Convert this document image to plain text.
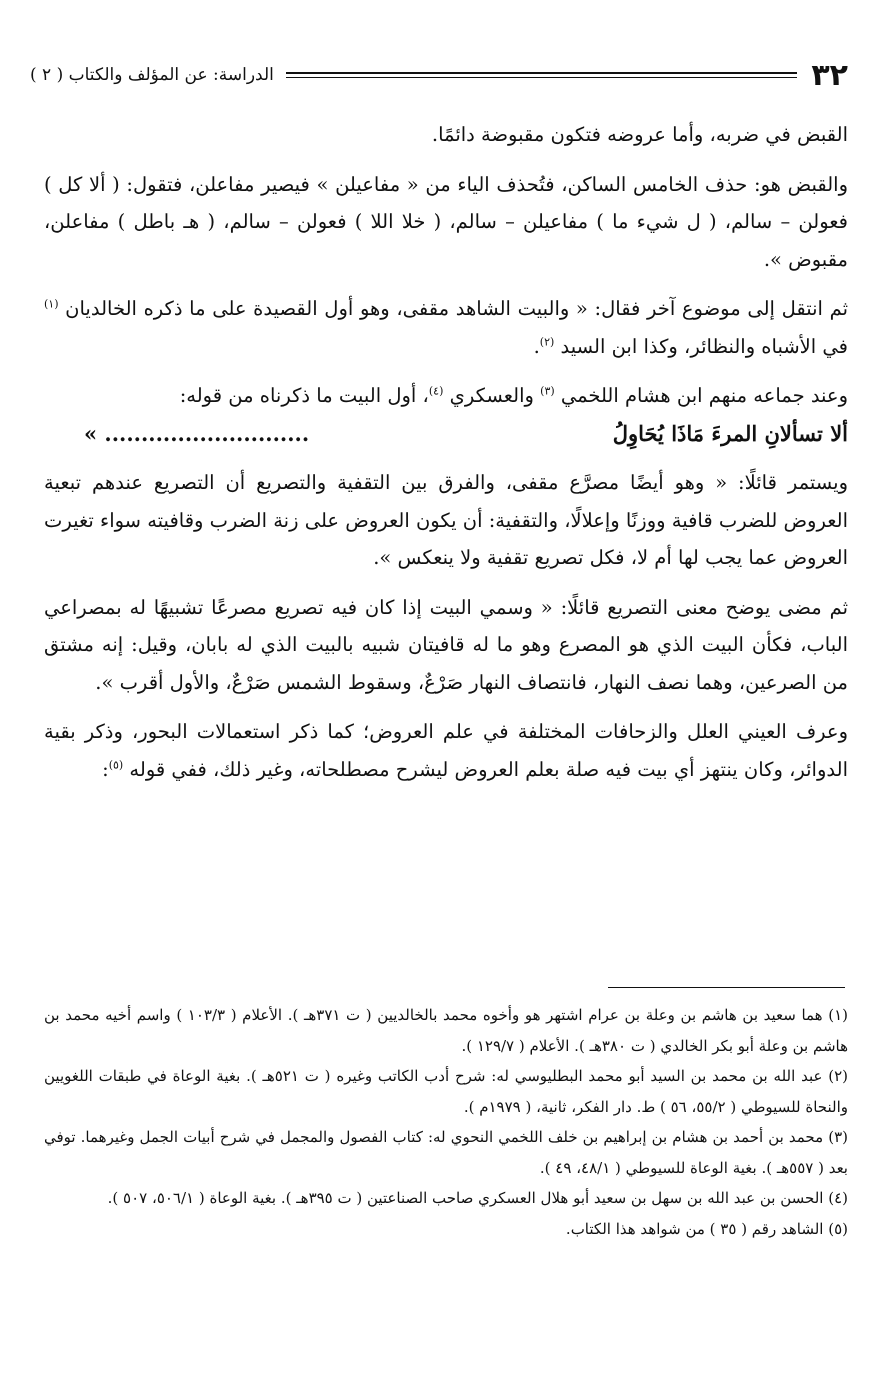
٣٢
الدراسة: عن المؤلف والكتاب ( ٢ )

القبض في ضربه، وأما عروضه فتكون مقبوضة دائمًا.

والقبض هو: حذف الخامس الساكن، فتُحذف الياء من « مفاعيلن » فيصير مفاعلن، فتقول: ( ألا كل ) فعولن – سالم، ( ل شيء ما ) مفاعيلن – سالم، ( خلا اللا ) فعولن – سالم، ( هـ باطل ) مفاعلن، مقبوض ».

ثم انتقل إلى موضوع آخر فقال: « والبيت الشاهد مقفى، وهو أول القصيدة على ما ذكره الخالديان $^{(١)}$ في الأشباه والنظائر، وكذا ابن السيد $^{(٢)}$.

وعند جماعه منهم ابن هشام اللخمي $^{(٣)}$ والعسكري $^{(٤)}$، أول البيت ما ذكرناه من قوله:

ألا تسألانِ المرءَ مَاذَا يُحَاوِلُ
............................ »

ويستمر قائلًا: « وهو أيضًا مصرَّع مقفى، والفرق بين التقفية والتصريع أن التصريع عندهم تبعية العروض للضرب قافية ووزنًا وإعلالًا، والتقفية: أن يكون العروض على زنة الضرب وقافيته سواء تغيرت العروض عما يجب لها أم لا، فكل تصريع تقفية ولا ينعكس ».

ثم مضى يوضح معنى التصريع قائلًا: « وسمي البيت إذا كان فيه تصريع مصرعًا تشبيهًا له بمصراعي الباب، فكأن البيت الذي هو المصرع وهو ما له قافيتان شبيه بالبيت الذي له بابان، وقيل: إنه مشتق من الصرعين، وهما نصف النهار، فانتصاف النهار صَرْعٌ، وسقوط الشمس صَرْعٌ، والأول أقرب ».

وعرف العيني العلل والزحافات المختلفة في علم العروض؛ كما ذكر استعمالات البحور، وذكر بقية الدوائر، وكان ينتهز أي بيت فيه صلة بعلم العروض ليشرح مصطلحاته، وغير ذلك، ففي قوله $^{(٥)}$:

(١) هما سعيد بن هاشم بن وعلة بن عرام اشتهر هو وأخوه محمد بالخالديين ( ت ٣٧١هـ ). الأعلام ( ١٠٣/٣ ) واسم أخيه محمد بن هاشم بن وعلة أبو بكر الخالدي ( ت ٣٨٠هـ ). الأعلام ( ١٢٩/٧ ).

(٢) عبد الله بن محمد بن السيد أبو محمد البطليوسي له: شرح أدب الكاتب وغيره ( ت ٥٢١هـ ). بغية الوعاة في طبقات اللغويين والنحاة للسيوطي ( ٥٥/٢، ٥٦ ) ط. دار الفكر، ثانية، ( ١٩٧٩م ).

(٣) محمد بن أحمد بن هشام بن إبراهيم بن خلف اللخمي النحوي له: كتاب الفصول والمجمل في شرح أبيات الجمل وغيرهما. توفي بعد ( ٥٥٧هـ ). بغية الوعاة للسيوطي ( ٤٨/١، ٤٩ ).

(٤) الحسن بن عبد الله بن سهل بن سعيد أبو هلال العسكري صاحب الصناعتين ( ت ٣٩٥هـ ). بغية الوعاة ( ٥٠٦/١، ٥٠٧ ).

(٥) الشاهد رقم ( ٣٥ ) من شواهد هذا الكتاب.
